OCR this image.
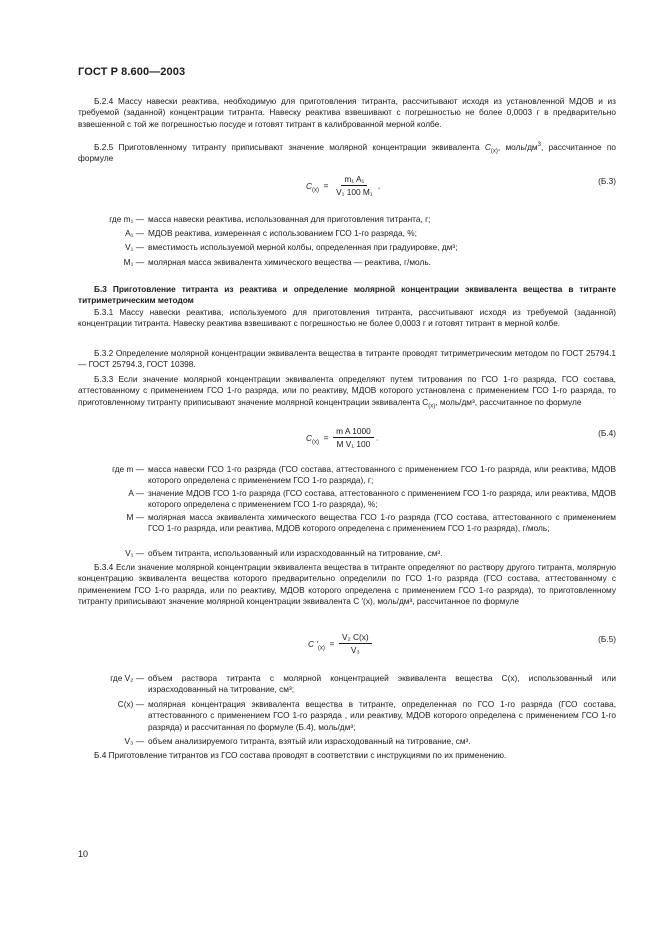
ГОСТ Р 8.600—2003

Б.2.4 Массу навески реактива, необходимую для приготовления титранта, рассчитывают исходя из установленной МДОВ и из требуемой (заданной) концентрации титранта. Навеску реактива взвешивают с погрешностью не более 0,0003 г в предварительно взвешенной с той же погрешностью посуде и готовят титрант в калиброванной мерной колбе.

Б.2.5 Приготовленному титранту приписывают значение молярной концентрации эквивалента $C_{(x)}$, моль/$дм^3$, рассчитанное по формуле

$C_{(x)} = \frac{\text{m₁ A₁}}{\text{V₁ 100 M₁}}$ ,	(Б.3)
где m₁ — масса навески реактива, использованная для приготовления титранта, г;
A₁ — МДОВ реактива, измеренная с использованием ГСО 1-го разряда, %;
V₁ — вместимость используемой мерной колбы, определенная при градуировке, дм³;
M₁ — молярная масса эквивалента химического вещества — реактива, г/моль.

Б.3 Приготовление титранта из реактива и определение молярной концентрации эквивалента вещества в титранте титриметрическим методом

Б.3.1 Массу навески реактива, используемого для приготовления титранта, рассчитывают исходя из требуемой (заданной) концентрации титранта. Навеску реактива взвешивают с погрешностью не более 0,0003 г и готовят титрант в мерной колбе.

Б.3.2 Определение молярной концентрации эквивалента вещества в титранте проводят титриметрическим методом по ГОСТ 25794.1 — ГОСТ 25794.3, ГОСТ 10398.

Б.3.3 Если значение молярной концентрации эквивалента определяют путем титрования по ГСО 1-го разряда, ГСО состава, аттестованному с применением ГСО 1-го разряда, или по реактиву, МДОВ которого установлена с применением ГСО 1-го разряда, то приготовленному титранту приписывают значение молярной концентрации эквивалента $C_{(x)}$, моль/дм³, рассчитанное по формуле

$C_{(x)} = \frac{\text{m A 1000}}{\text{M V₁ 100}}$ .	(Б.4)
где m — масса навески ГСО 1-го разряда (ГСО состава, аттестованного с применением ГСО 1-го разряда, или реактива, МДОВ которого определена с применением ГСО 1-го разряда), г;
A — значение МДОВ ГСО 1-го разряда (ГСО состава, аттестованного с применением ГСО 1-го разряда, или реактива, МДОВ которого определена с применением ГСО 1-го разряда), %;
M — молярная масса эквивалента химического вещества ГСО 1-го разряда (ГСО состава, аттестованного с применением ГСО 1-го разряда, или реактива, МДОВ которого определена с применением ГСО 1-го разряда), г/моль;
V₁ — объем титранта, использованный или израсходованный на титрование, см³.

Б.3.4 Если значение молярной концентрации эквивалента вещества в титранте определяют по раствору другого титранта, молярную концентрацию эквивалента вещества которого предварительно определили по ГСО 1-го разряда (ГСО состава, аттестованному с применением ГСО 1-го разряда, или по реактиву, МДОВ которого определена с применением ГСО 1-го разряда), то приготовленному титранту приписывают значение молярной концентрации эквивалента C ′(x), моль/дм³, рассчитанное по формуле

C $'_{(x)} = \frac{\text{V₂ C(x)}}{\text{V₃}}$	(Б.5)
где V₂ — объем раствора титранта с молярной концентрацией эквивалента вещества C(x), использованный или израсходованный на титрование, см³;
C(x) — молярная концентрация эквивалента вещества в титранте, определенная по ГСО 1-го разряда (ГСО состава, аттестованного с применением ГСО 1-го разряда , или реактиву, МДОВ которого определена с применением ГСО 1-го разряда) и рассчитанная по формуле (Б.4), моль/дм³;
V₃ — объем анализируемого титранта, взятый или израсходованный на титрование, см³.

Б.4 Приготовление титрантов из ГСО состава проводят в соответствии с инструкциями по их применению.

10
